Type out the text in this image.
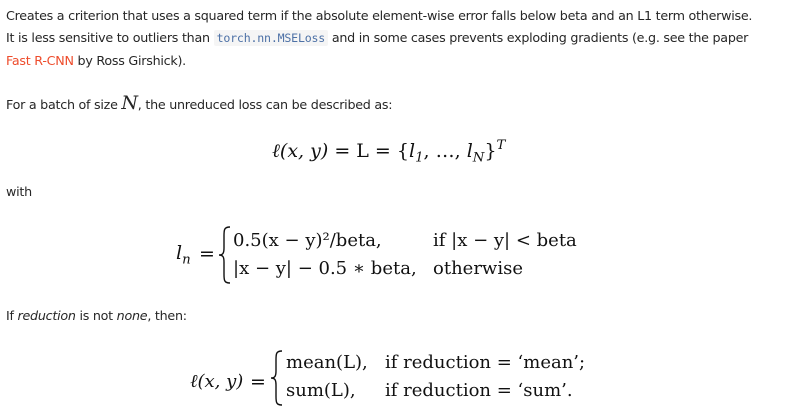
Creates a criterion that uses a squared term if the absolute element-wise error falls below beta and an L1 term otherwise.

It is less sensitive to outliers than torch.nn.MSELoss and in some cases prevents exploding gradients (e.g. see the paper

Fast R-CNN by Ross Girshick).

For a batch of size N, the unreduced loss can be described as:

ℓ(x, $y) = L = \{l_1$, …, $l_N\}^T$

with

$l_n$ =
0.5(x − y)²/beta,	if |x − y| < beta
|x − y| − 0.5 ∗ beta, otherwise

If reduction is not none, then:

ℓ(x, y) =
mean(L), if reduction = ‘mean’;
sum(L), if reduction = ‘sum’.
